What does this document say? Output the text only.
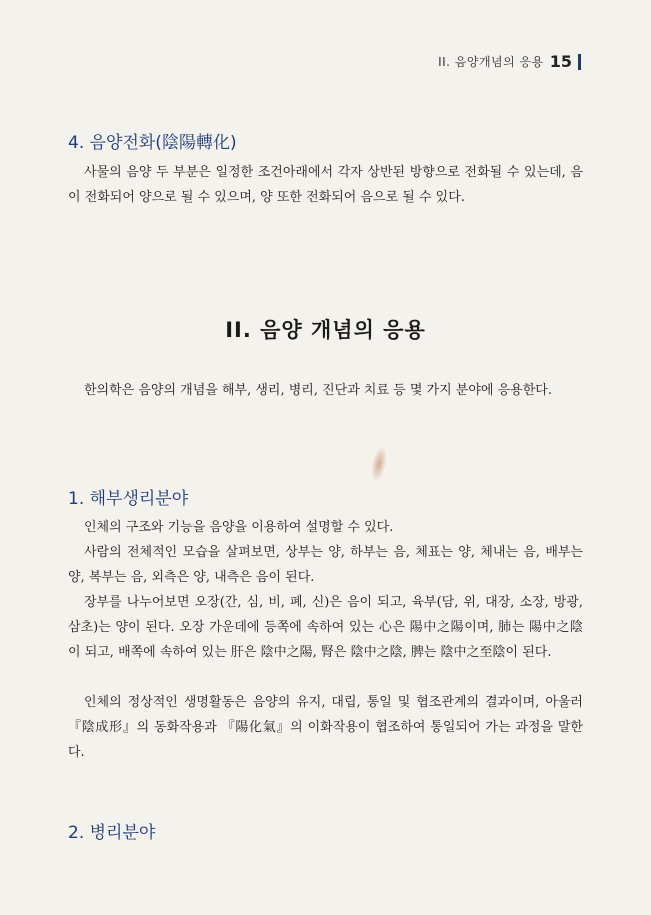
II. 음양개념의 응용 15
4. 음양전화(陰陽轉化)

사물의 음양 두 부분은 일정한 조건아래에서 각자 상반된 방향으로 전화될 수 있는데, 음이 전화되어 양으로 될 수 있으며, 양 또한 전화되어 음으로 될 수 있다.

II. 음양 개념의 응용

한의학은 음양의 개념을 해부, 생리, 병리, 진단과 치료 등 몇 가지 분야에 응용한다.

1. 해부생리분야

인체의 구조와 기능을 음양을 이용하여 설명할 수 있다.

사람의 전체적인 모습을 살펴보면, 상부는 양, 하부는 음, 체표는 양, 체내는 음, 배부는 양, 복부는 음, 외측은 양, 내측은 음이 된다.

장부를 나누어보면 오장(간, 심, 비, 폐, 신)은 음이 되고, 육부(담, 위, 대장, 소장, 방광, 삼초)는 양이 된다. 오장 가운데에 등쪽에 속하여 있는 心은 陽中之陽이며, 肺는 陽中之陰이 되고, 배쪽에 속하여 있는 肝은 陰中之陽, 腎은 陰中之陰, 脾는 陰中之至陰이 된다.

인체의 정상적인 생명활동은 음양의 유지, 대립, 통일 및 협조관계의 결과이며, 아울러 『陰成形』의 동화작용과 『陽化氣』의 이화작용이 협조하여 통일되어 가는 과정을 말한다.

2. 병리분야
